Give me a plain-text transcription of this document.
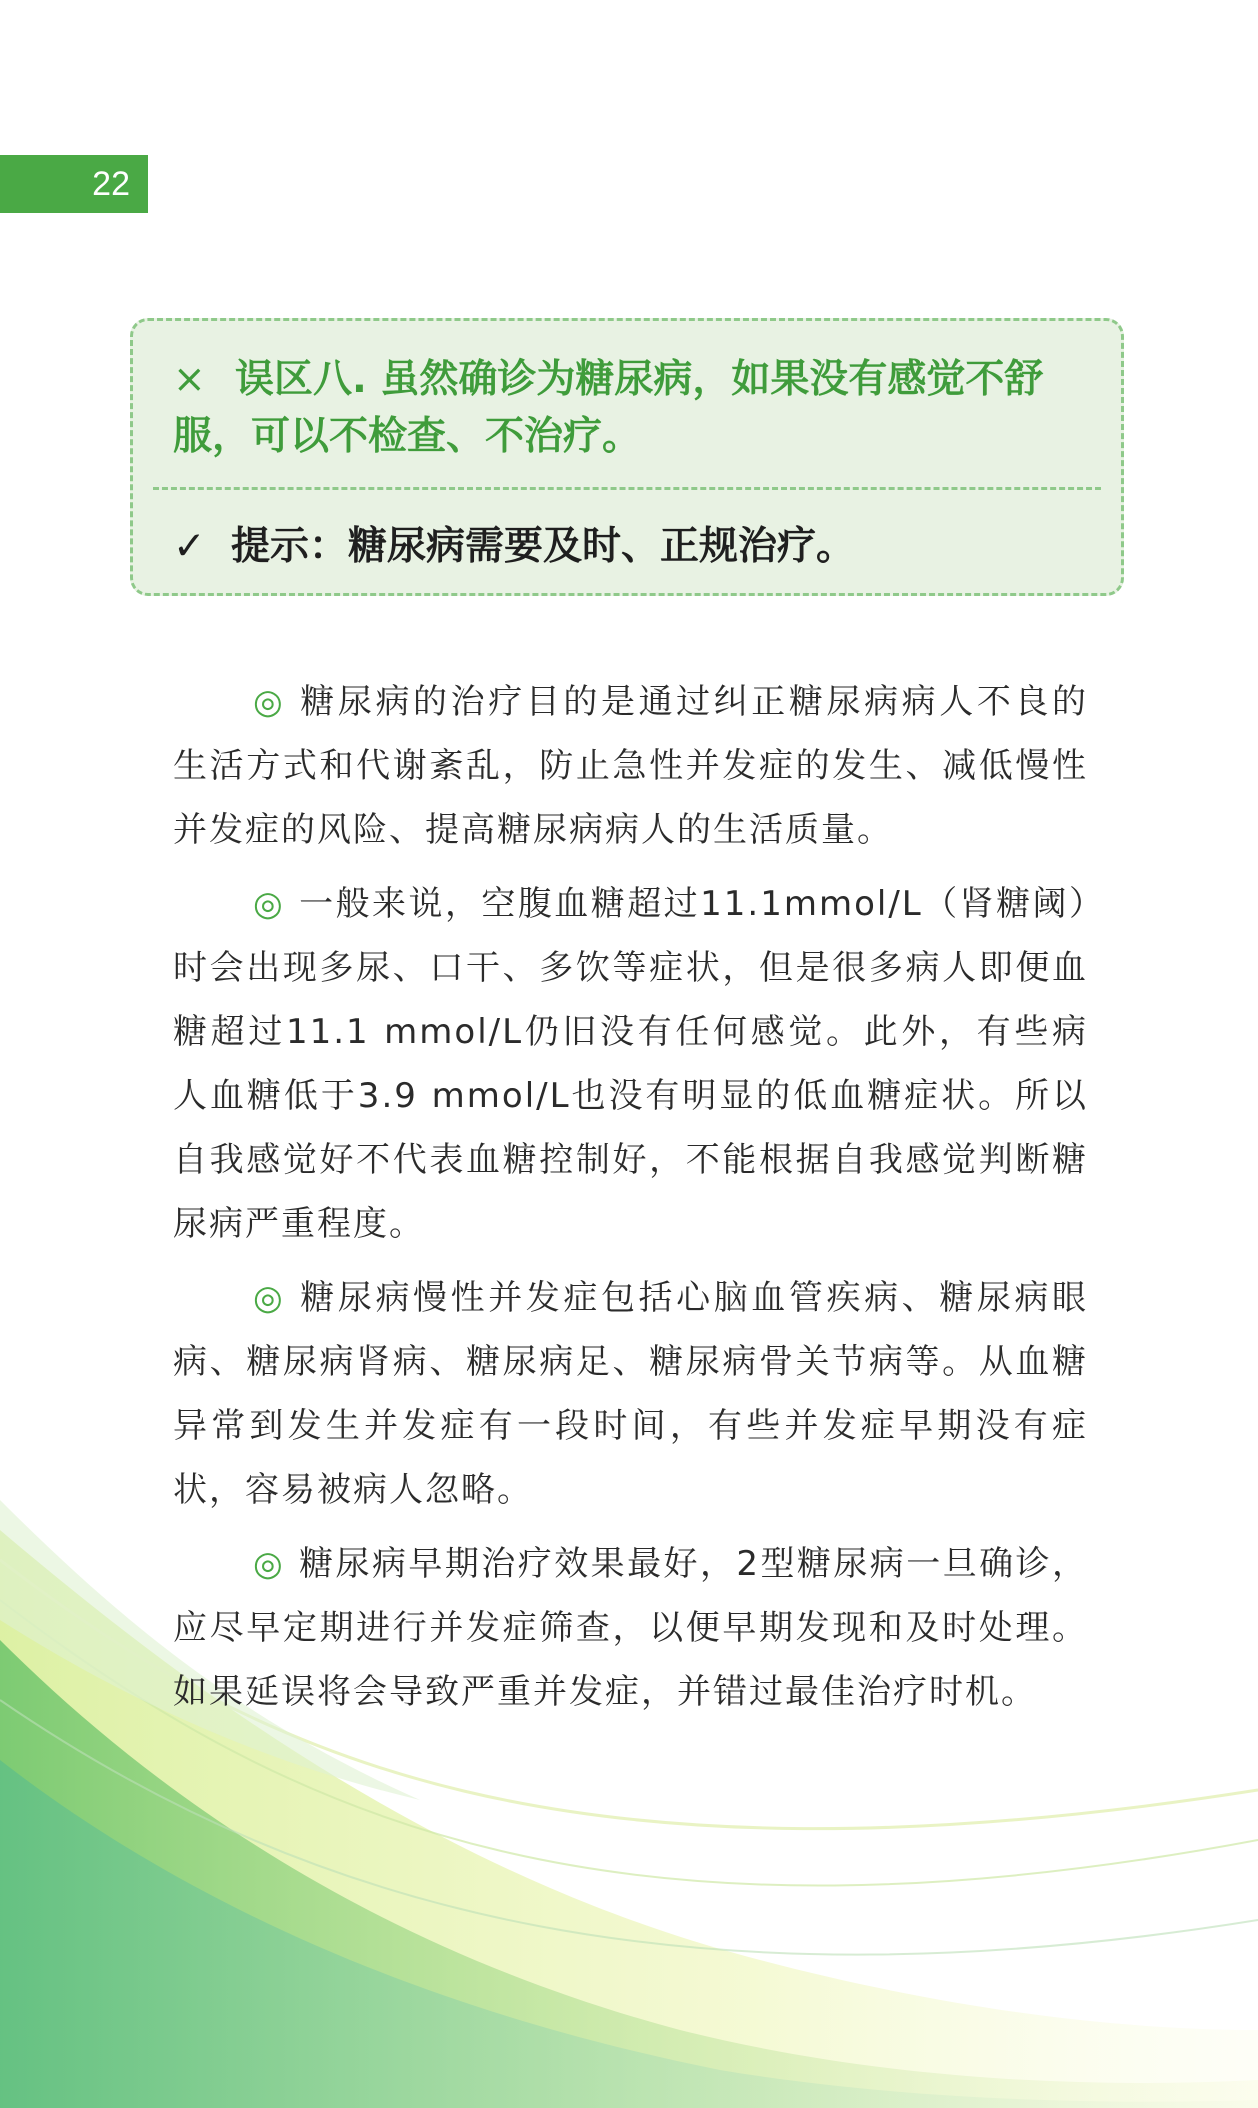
22
× 误区八. 虽然确诊为糖尿病，如果没有感觉不舒服，可以不检查、不治疗。
✓ 提示：糖尿病需要及时、正规治疗。

◎ 糖尿病的治疗目的是通过纠正糖尿病病人不良的生活方式和代谢紊乱，防止急性并发症的发生、减低慢性并发症的风险、提高糖尿病病人的生活质量。

◎ 一般来说，空腹血糖超过11.1mmol/L（肾糖阈）时会出现多尿、口干、多饮等症状，但是很多病人即便血糖超过11.1 mmol/L仍旧没有任何感觉。此外，有些病人血糖低于3.9 mmol/L也没有明显的低血糖症状。所以自我感觉好不代表血糖控制好，不能根据自我感觉判断糖尿病严重程度。

◎ 糖尿病慢性并发症包括心脑血管疾病、糖尿病眼病、糖尿病肾病、糖尿病足、糖尿病骨关节病等。从血糖异常到发生并发症有一段时间，有些并发症早期没有症状，容易被病人忽略。

◎ 糖尿病早期治疗效果最好，2型糖尿病一旦确诊，应尽早定期进行并发症筛查，以便早期发现和及时处理。如果延误将会导致严重并发症，并错过最佳治疗时机。
